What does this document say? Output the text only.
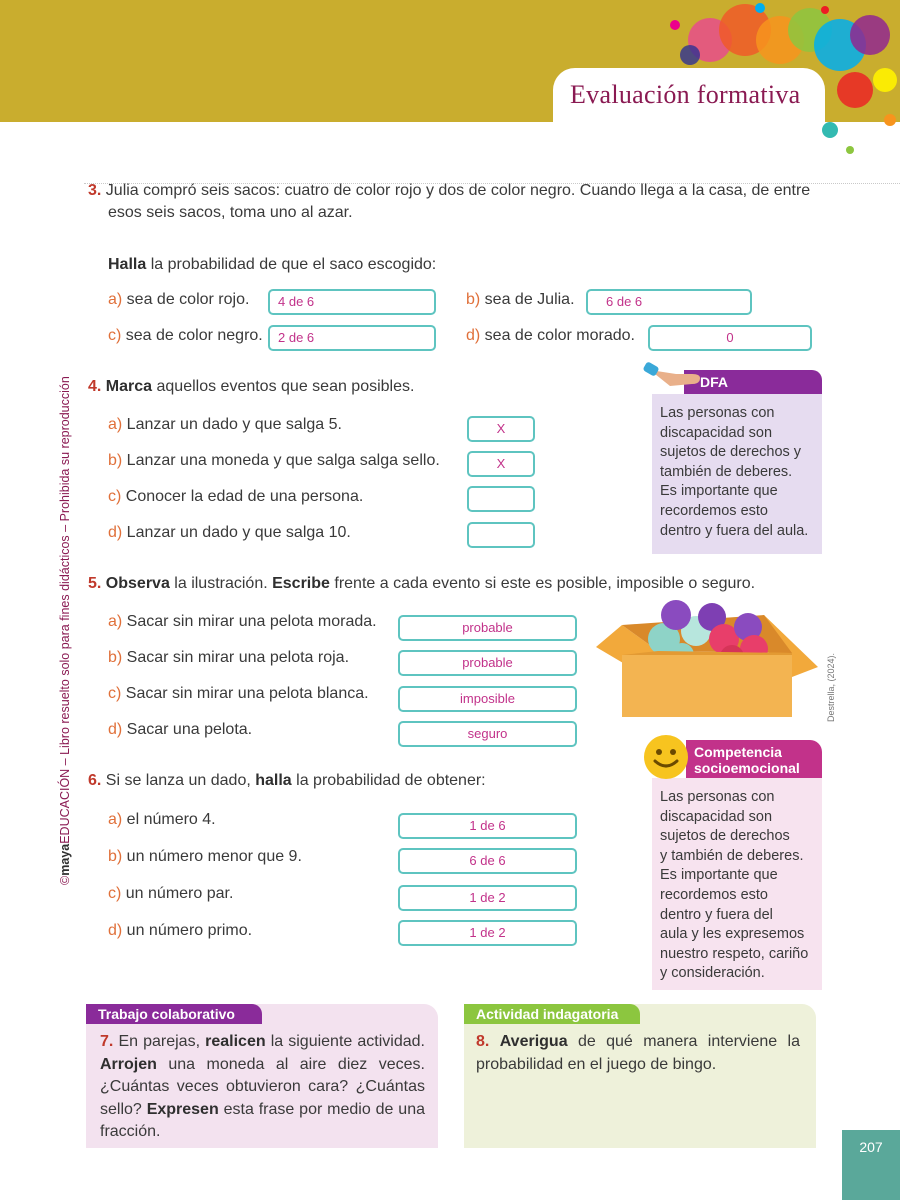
Evaluación formativa
©mayaEDUCACIÓN – Libro resuelto solo para fines didácticos – Prohibida su reproducción
3. Julia compró seis sacos: cuatro de color rojo y dos de color negro. Cuando llega a la casa, de entre
esos seis sacos, toma uno al azar.
Halla la probabilidad de que el saco escogido:
a) sea de color rojo.	4 de 6	b) sea de Julia.	6 de 6
c) sea de color negro.	2 de 6	d) sea de color morado.	0
4. Marca aquellos eventos que sean posibles.
a) Lanzar un dado y que salga 5.	X
b) Lanzar una moneda y que salga salga sello.	X
c) Conocer la edad de una persona.
d) Lanzar un dado y que salga 10.
DFA
Las personas con
discapacidad son
sujetos de derechos y
también de deberes.
Es importante que
recordemos esto
dentro y fuera del aula.
5. Observa la ilustración. Escribe frente a cada evento si este es posible, imposible o seguro.
a) Sacar sin mirar una pelota morada.	probable
b) Sacar sin mirar una pelota roja.	probable
c) Sacar sin mirar una pelota blanca.	imposible
d) Sacar una pelota.	seguro
Destrella, (2024).
Competencia
socioemocional
Las personas con
discapacidad son
sujetos de derechos
y también de deberes.
Es importante que
recordemos esto
dentro y fuera del
aula y les expresemos
nuestro respeto, cariño
y consideración.
6. Si se lanza un dado, halla la probabilidad de obtener:
a) el número 4.	1 de 6
b) un número menor que 9.	6 de 6
c) un número par.	1 de 2
d) un número primo.	1 de 2
Trabajo colaborativo
7. En parejas, realicen la siguiente actividad. Arrojen una moneda al aire diez veces. ¿Cuántas veces obtuvieron cara? ¿Cuántas sello? Expresen esta frase por medio de una fracción.
Actividad indagatoria
8. Averigua de qué manera interviene la probabilidad en el juego de bingo.
207
